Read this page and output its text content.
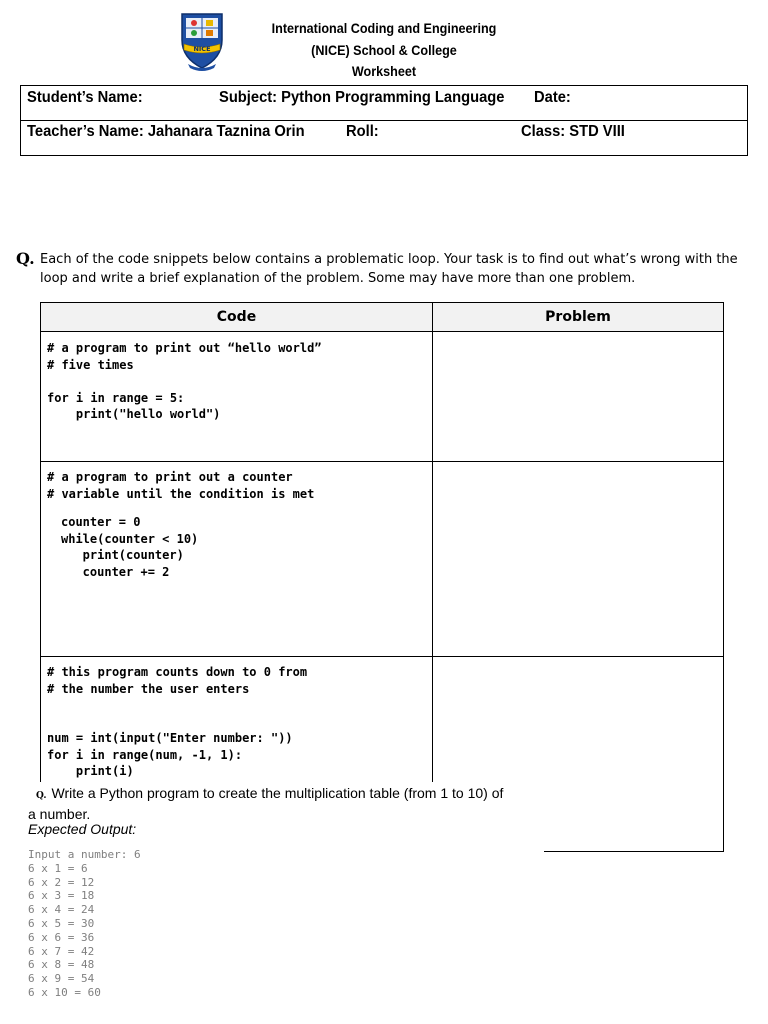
NICE
International Coding and Engineering
(NICE) School & College
Worksheet
Student’s Name:	Subject: Python Programming Language Date:
Teacher’s Name: Jahanara Taznina Orin	Roll:	Class: STD VIII
Q. Each of the code snippets below contains a problematic loop. Your task is to find out what’s wrong with the loop and write a brief explanation of the problem. Some may have more than one problem.
Code	Problem
# a program to print out “hello world”
# five times

for i in range = 5:
print("hello world")
# a program to print out a counter
# variable until the condition is met
counter = 0
while(counter < 10)
print(counter)
counter += 2
# this program counts down to 0 from
# the number the user enters

num = int(input("Enter number: "))
for i in range(num, -1, 1):
print(i)
Q. Write a Python program to create the multiplication table (from 1 to 10) of
a number.
Expected Output:
Input a number: 6
6 x 1 = 6
6 x 2 = 12
6 x 3 = 18
6 x 4 = 24
6 x 5 = 30
6 x 6 = 36
6 x 7 = 42
6 x 8 = 48
6 x 9 = 54
6 x 10 = 60
